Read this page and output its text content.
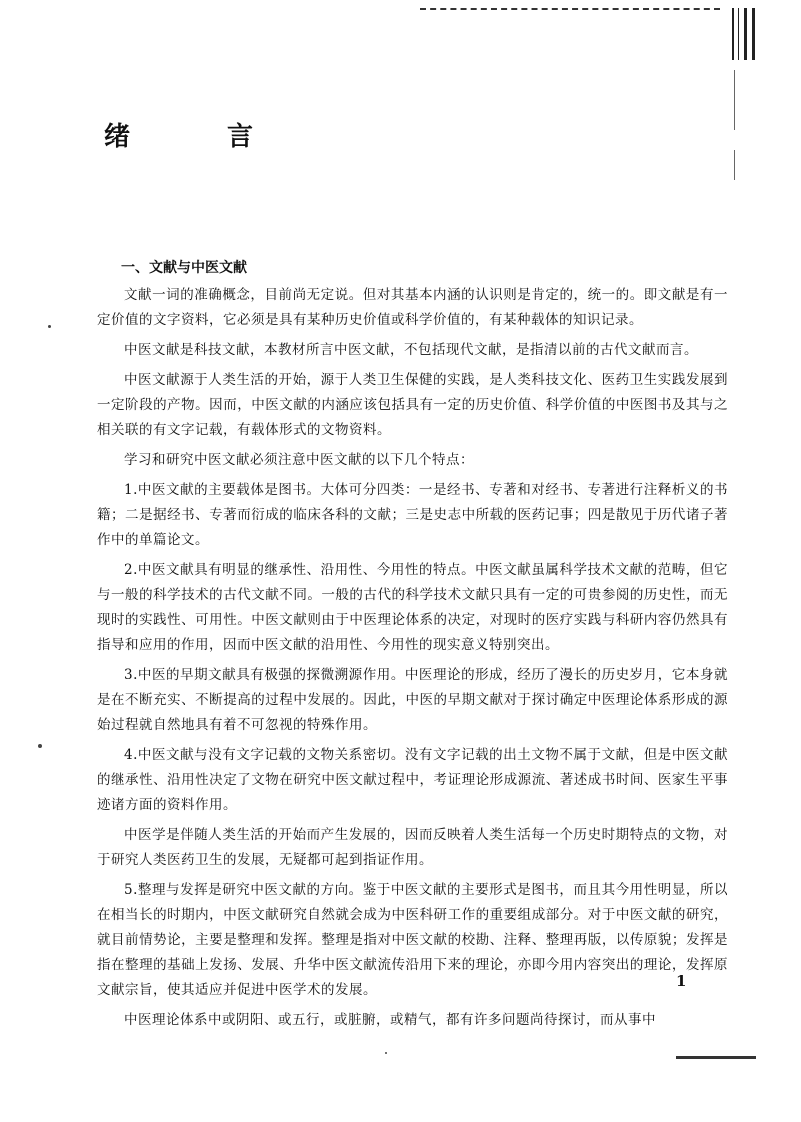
绪 言
一、文献与中医文献

文献一词的准确概念，目前尚无定说。但对其基本内涵的认识则是肯定的，统一的。即文献是有一定价值的文字资料，它必须是具有某种历史价值或科学价值的，有某种载体的知识记录。

中医文献是科技文献，本教材所言中医文献，不包括现代文献，是指清以前的古代文献而言。

中医文献源于人类生活的开始，源于人类卫生保健的实践，是人类科技文化、医药卫生实践发展到一定阶段的产物。因而，中医文献的内涵应该包括具有一定的历史价值、科学价值的中医图书及其与之相关联的有文字记载，有载体形式的文物资料。

学习和研究中医文献必须注意中医文献的以下几个特点：

1.中医文献的主要载体是图书。大体可分四类：一是经书、专著和对经书、专著进行注释析义的书籍；二是据经书、专著而衍成的临床各科的文献；三是史志中所载的医药记事；四是散见于历代诸子著作中的单篇论文。

2.中医文献具有明显的继承性、沿用性、今用性的特点。中医文献虽属科学技术文献的范畴，但它与一般的科学技术的古代文献不同。一般的古代的科学技术文献只具有一定的可贵参阅的历史性，而无现时的实践性、可用性。中医文献则由于中医理论体系的决定，对现时的医疗实践与科研内容仍然具有指导和应用的作用，因而中医文献的沿用性、今用性的现实意义特别突出。

3.中医的早期文献具有极强的探微溯源作用。中医理论的形成，经历了漫长的历史岁月，它本身就是在不断充实、不断提高的过程中发展的。因此，中医的早期文献对于探讨确定中医理论体系形成的源始过程就自然地具有着不可忽视的特殊作用。

4.中医文献与没有文字记载的文物关系密切。没有文字记载的出土文物不属于文献，但是中医文献的继承性、沿用性决定了文物在研究中医文献过程中，考证理论形成源流、著述成书时间、医家生平事迹诸方面的资料作用。

中医学是伴随人类生活的开始而产生发展的，因而反映着人类生活每一个历史时期特点的文物，对于研究人类医药卫生的发展，无疑都可起到指证作用。

5.整理与发挥是研究中医文献的方向。鉴于中医文献的主要形式是图书，而且其今用性明显，所以在相当长的时期内，中医文献研究自然就会成为中医科研工作的重要组成部分。对于中医文献的研究，就目前情势论，主要是整理和发挥。整理是指对中医文献的校勘、注释、整理再版，以传原貌；发挥是指在整理的基础上发扬、发展、升华中医文献流传沿用下来的理论，亦即今用内容突出的理论，发挥原文献宗旨，使其适应并促进中医学术的发展。

中医理论体系中或阴阳、或五行，或脏腑，或精气，都有许多问题尚待探讨，而从事中

1
